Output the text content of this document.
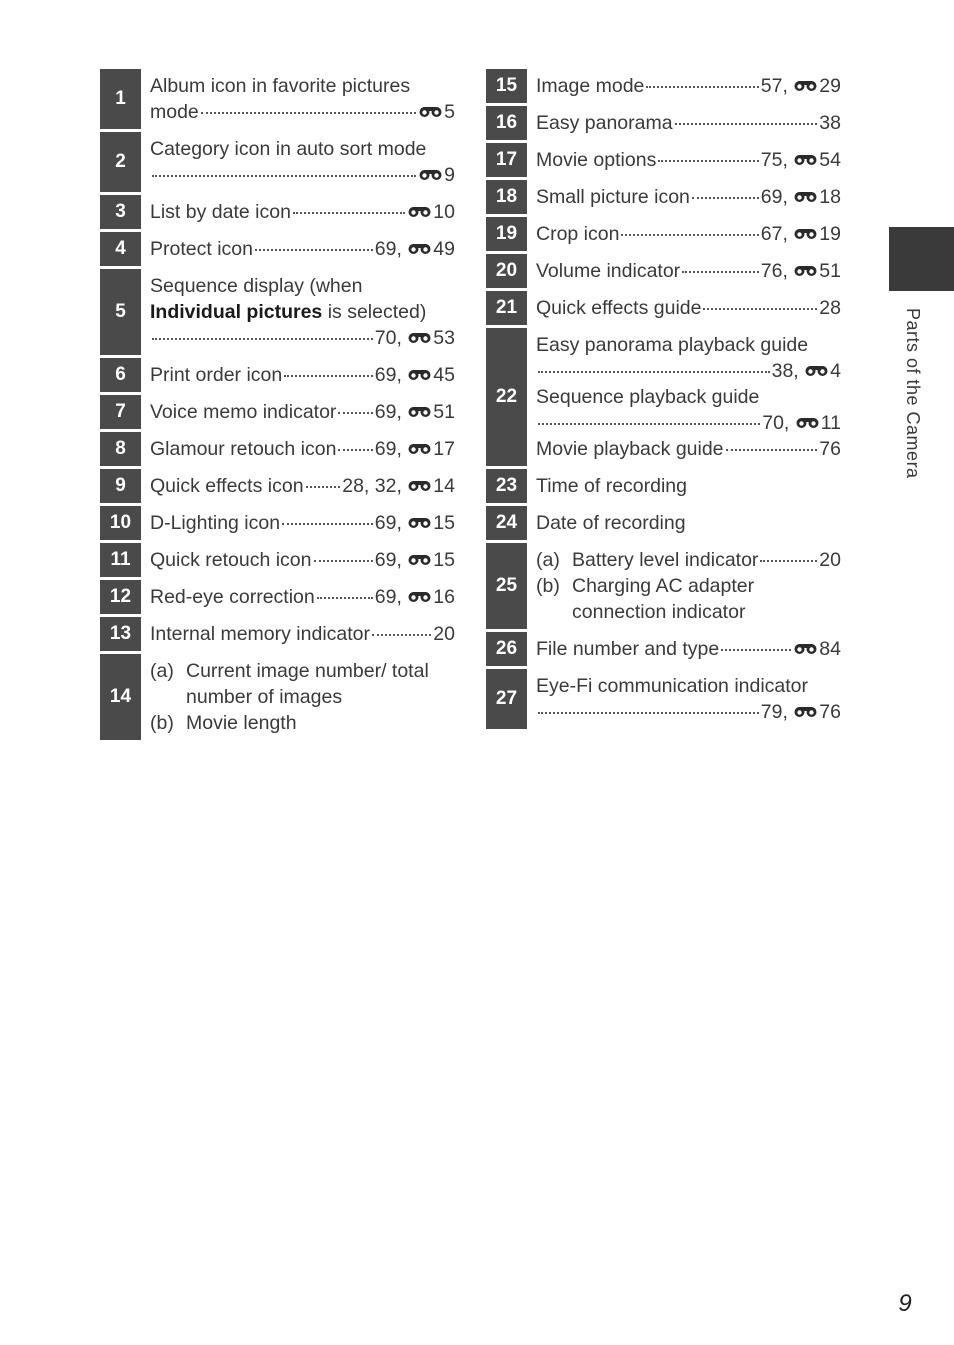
1
Album icon in favorite pictures
mode	5
2
Category icon in auto sort mode
9
3	List by date icon	10
4	Protect icon	69, 49
5
Sequence display (when
Individual pictures is selected)
70, 53
6	Print order icon	69, 45
7	Voice memo indicator 69, 51
8	Glamour retouch icon 69, 17
9	Quick effects icon 28, 32, 14
10 D-Lighting icon	69, 15
11 Quick retouch icon	69, 15
12 Red-eye correction	69, 16
13 Internal memory indicator	20
14
(a) Current image number/ total number of images
(b) Movie length
15 Image mode	57, 29
16 Easy panorama	38
17 Movie options	75, 54
18 Small picture icon	69, 18
19 Crop icon	67, 19
20 Volume indicator	76, 51
21 Quick effects guide	28
22
Easy panorama playback guide
38, 4
Sequence playback guide
70, 11
Movie playback guide	76
23 Time of recording
24 Date of recording
25
(a) Battery level indicator	20
(b) Charging AC adapter connection indicator
26 File number and type	84
27
Eye-Fi communication indicator
79, 76
Parts of the Camera
9
